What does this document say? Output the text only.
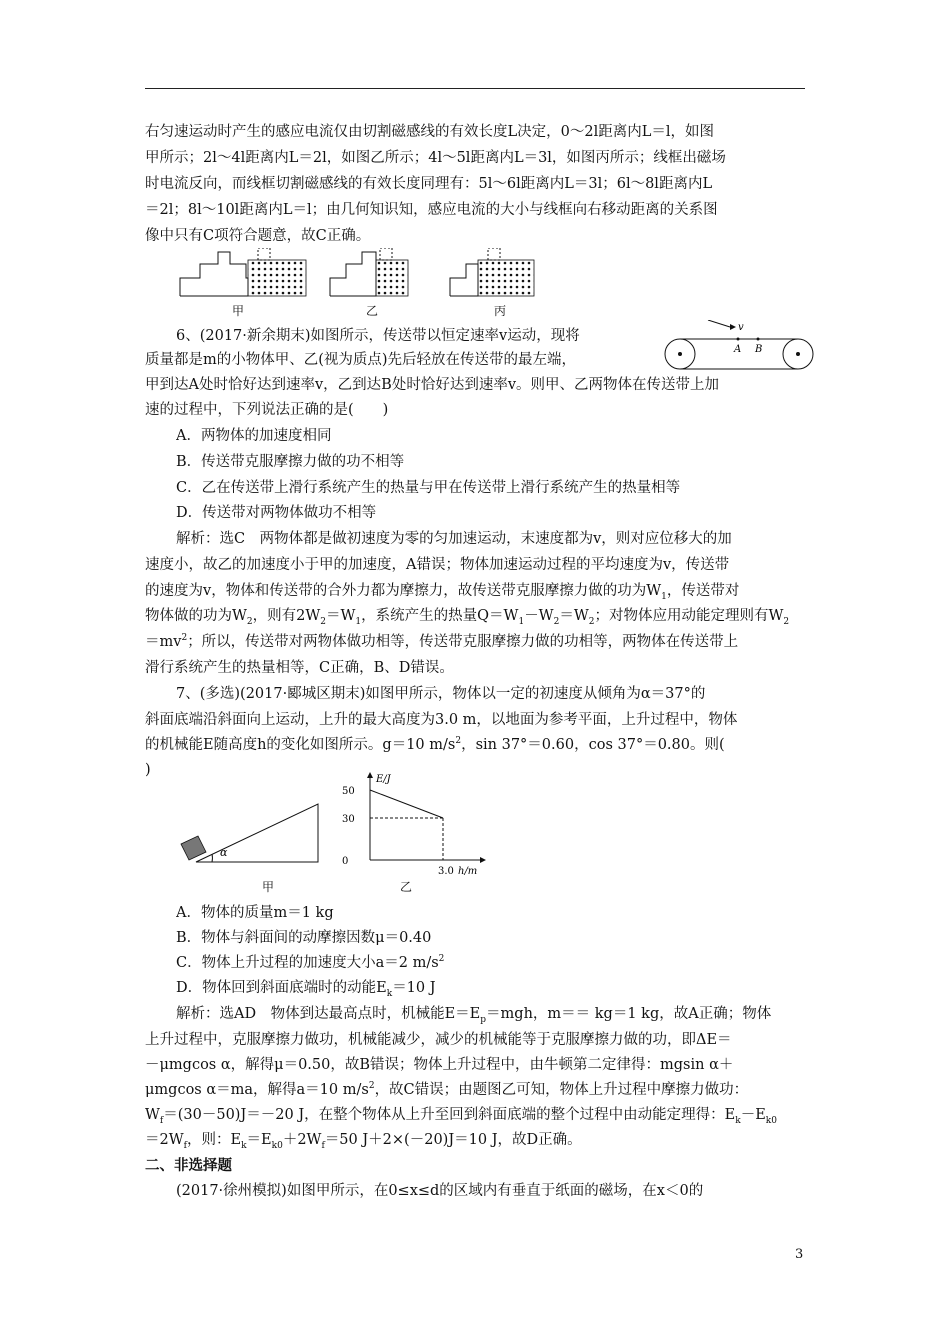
右匀速运动时产生的感应电流仅由切割磁感线的有效长度L决定，0～2l距离内L＝l，如图
甲所示；2l～4l距离内L＝2l，如图乙所示；4l～5l距离内L＝3l，如图丙所示；线框出磁场
时电流反向，而线框切割磁感线的有效长度同理有：5l～6l距离内L＝3l；6l～8l距离内L
＝2l；8l～10l距离内L＝l；由几何知识知，感应电流的大小与线框向右移动距离的关系图
像中只有C项符合题意，故C正确。
甲	乙	丙
6、(2017·新余期末)如图所示，传送带以恒定速率v运动，现将
质量都是m的小物体甲、乙(视为质点)先后轻放在传送带的最左端，
甲到达A处时恰好达到速率v，乙到达B处时恰好达到速率v。则甲、乙两物体在传送带上加
速的过程中，下列说法正确的是(　　)
v
A B
A．两物体的加速度相同
B．传送带克服摩擦力做的功不相等
C．乙在传送带上滑行系统产生的热量与甲在传送带上滑行系统产生的热量相等
D．传送带对两物体做功不相等
解析：选C　两物体都是做初速度为零的匀加速运动，末速度都为v，则对应位移大的加
速度小，故乙的加速度小于甲的加速度，A错误；物体加速运动过程的平均速度为v，传送带
的速度为v，物体和传送带的合外力都为摩擦力，故传送带克服摩擦力做的功为$W_1$，传送带对
物体做的功为$W_2$，则有$2W_2=W_1$，系统产生的热量$Q=W_1-W_2=W_2$；对物体应用动能定理则有$W_2$
$=mv^2$；所以，传送带对两物体做功相等，传送带克服摩擦力做的功相等，两物体在传送带上
滑行系统产生的热量相等，C正确，B、D错误。
7、(多选)(2017·郾城区期末)如图甲所示，物体以一定的初速度从倾角为α＝37°的
斜面底端沿斜面向上运动，上升的最大高度为3.0 m，以地面为参考平面，上升过程中，物体
的机械能E随高度h的变化如图所示。g＝10 $m/s^2$，sin 37°＝0.60，cos 37°＝0.80。则(
)
α
甲
E/J
0
50
30
3.0 h/m
乙
A．物体的质量m＝1 kg
B．物体与斜面间的动摩擦因数μ＝0.40
C．物体上升过程的加速度大小a＝2 $m/s^2$
D．物体回到斜面底端时的动能$E_k=10$ J
解析：选AD　物体到达最高点时，机械能$E=E_p=mgh$，m＝＝ kg＝1 kg，故A正确；物体
上升过程中，克服摩擦力做功，机械能减少，减少的机械能等于克服摩擦力做的功，即ΔE＝
－μmgcos α，解得μ＝0.50，故B错误；物体上升过程中，由牛顿第二定律得：mgsin α＋
μmgcos α＝ma，解得a＝10 $m/s^2$，故C错误；由题图乙可知，物体上升过程中摩擦力做功：
$W_f=(30-50)J=-20$ J，在整个物体从上升至回到斜面底端的整个过程中由动能定理得：$E_k-E_{k0}$
$=2W_f$，则：$E_k=E_{k0}+2W_f=50$ J＋2×(－20)J＝10 J，故D正确。
二、非选择题
(2017·徐州模拟)如图甲所示，在0≤x≤d的区域内有垂直于纸面的磁场，在x＜0的
3
